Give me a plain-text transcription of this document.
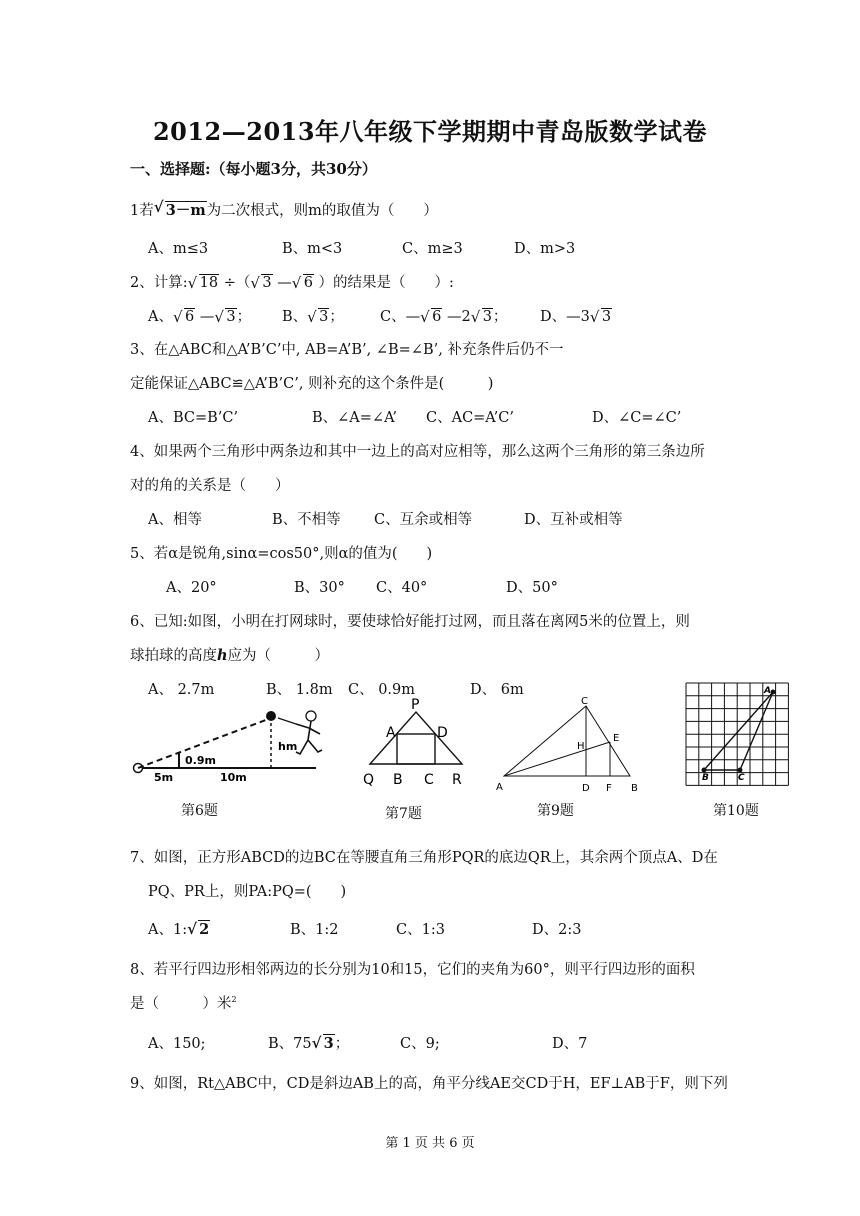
2012—2013年八年级下学期期中青岛版数学试卷
一、选择题:（每小题3分，共30分）
1若 √ 3－m为二次根式，则m的取值为（　　）
A、m≤3	B、m<3	C、m≥3	D、m>3
2、计算: √ 18 ÷（ √ 3 — √ 6 ）的结果是（　　）:
A、 √ 6 — √ 3； B、 √ 3； C、— √ 6 —2 √ 3； D、—3 √ 3
3、在△ABC和△A’B’C’中, AB=A’B’, ∠B=∠B’, 补充条件后仍不一
定能保证△ABC≌△A’B’C’, 则补充的这个条件是(　　　)
A、BC=B’C’	B、∠A=∠A’ C、AC=A’C’	D、∠C=∠C’
4、如果两个三角形中两条边和其中一边上的高对应相等，那么这两个三角形的第三条边所
对的角的关系是（　　）
A、相等	B、不相等 C、互余或相等	D、互补或相等
5、若α是锐角,sinα=cos50°,则α的值为(　　)
A、20°	B、30° C、40°	D、50°
6、已知:如图，小明在打网球时，要使球恰好能打过网，而且落在离网5米的位置上，则
球拍球的高度h应为（　　　）
A、 2.7m	B、 1.8m C、 0.9m	D、 6m
0.9m
hm
5m	10m
第6题
P
A	D
Q B C R
第7题
C
H
E
A	D F B
第9题
A
B	C
第10题
7、如图，正方形ABCD的边BC在等腰直角三角形PQR的底边QR上，其余两个顶点A、D在
PQ、PR上，则PA:PQ=(　　)
A、1: √ 2	B、1:2	C、1:3	D、2:3
8、若平行四边形相邻两边的长分别为10和15，它们的夹角为60°，则平行四边形的面积
是（　　　）米$^2$
A、150;	B、75 √ 3；	C、9;	D、7
9、如图，Rt△ABC中，CD是斜边AB上的高，角平分线AE交CD于H，EF⊥AB于F，则下列
第 1 页 共 6 页
